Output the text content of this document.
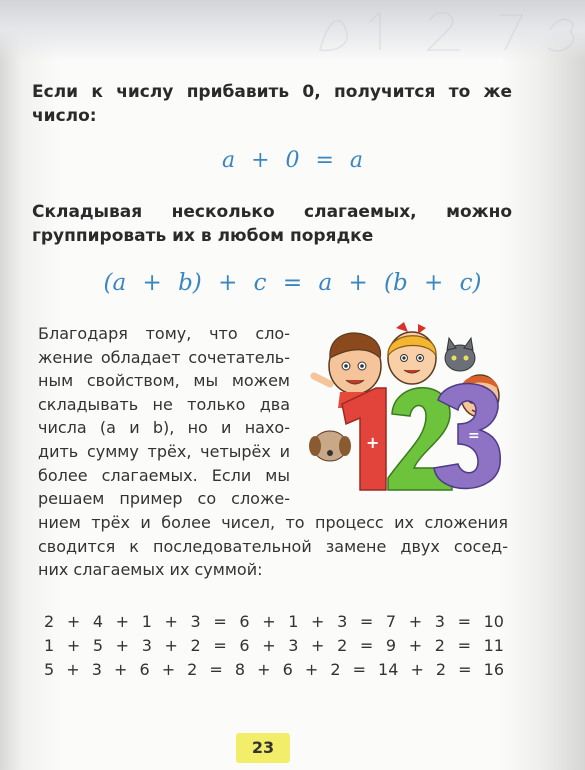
Если к числу прибавить 0, получится то же
число:
a + 0 = a
Складывая несколько слагаемых, можно
группировать их в любом порядке
(a + b) + c = a + (b + c)
Благодаря тому, что сло-
жение обладает сочетатель-
ным свойством, мы можем
складывать не только два
числа (a и b), но и нахо-
дить сумму трёх, четырёх и
более слагаемых. Если мы
решаем пример со сложе-
нием трёх и более чисел, то процесс их сложения
сводится к последовательной замене двух сосед-
них слагаемых их суммой:
+	=
2 + 4 + 1 + 3 = 6 + 1 + 3 = 7 + 3 = 10
1 + 5 + 3 + 2 = 6 + 3 + 2 = 9 + 2 = 11
5 + 3 + 6 + 2 = 8 + 6 + 2 = 14 + 2 = 16
23
